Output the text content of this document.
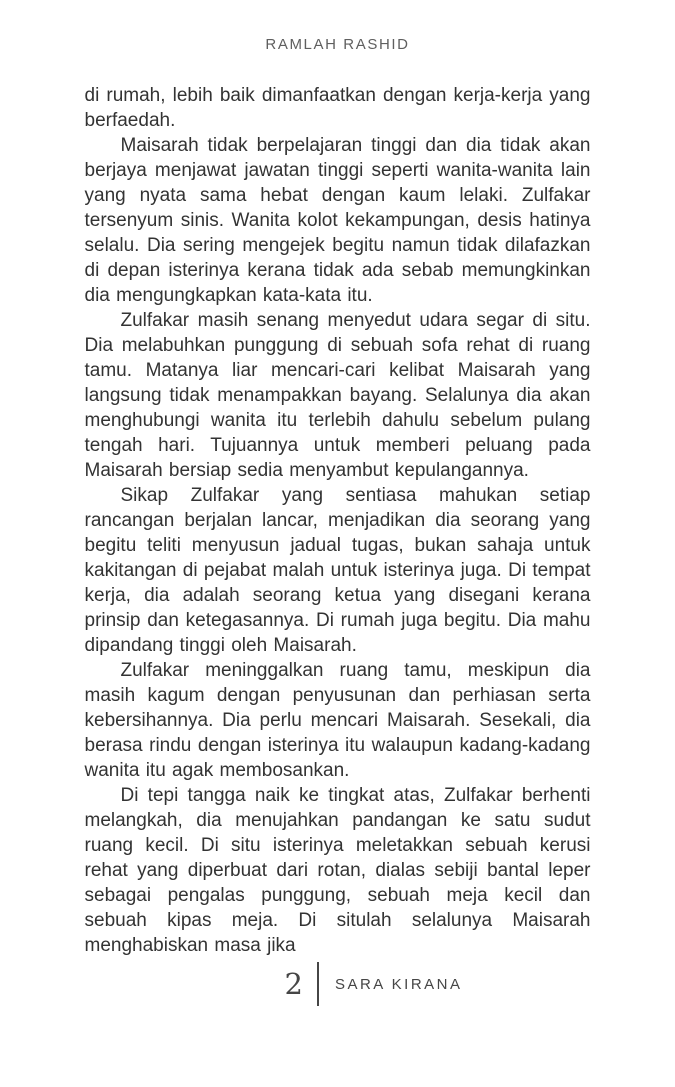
RAMLAH RASHID

di rumah, lebih baik dimanfaatkan dengan kerja-kerja yang berfaedah.

Maisarah tidak berpelajaran tinggi dan dia tidak akan berjaya menjawat jawatan tinggi seperti wanita-wanita lain yang nyata sama hebat dengan kaum lelaki. Zulfakar tersenyum sinis. Wanita kolot kekampungan, desis hatinya selalu. Dia sering mengejek begitu namun tidak dilafazkan di depan isterinya kerana tidak ada sebab memungkinkan dia mengungkapkan kata-kata itu.

Zulfakar masih senang menyedut udara segar di situ. Dia melabuhkan punggung di sebuah sofa rehat di ruang tamu. Matanya liar mencari-cari kelibat Maisarah yang langsung tidak menampakkan bayang. Selalunya dia akan menghubungi wanita itu terlebih dahulu sebelum pulang tengah hari. Tujuannya untuk memberi peluang pada Maisarah bersiap sedia menyambut kepulangannya.

Sikap Zulfakar yang sentiasa mahukan setiap rancangan berjalan lancar, menjadikan dia seorang yang begitu teliti menyusun jadual tugas, bukan sahaja untuk kakitangan di pejabat malah untuk isterinya juga. Di tempat kerja, dia adalah seorang ketua yang disegani kerana prinsip dan ketegasannya. Di rumah juga begitu. Dia mahu dipandang tinggi oleh Maisarah.

Zulfakar meninggalkan ruang tamu, meskipun dia masih kagum dengan penyusunan dan perhiasan serta kebersihannya. Dia perlu mencari Maisarah. Sesekali, dia berasa rindu dengan isterinya itu walaupun kadang-kadang wanita itu agak membosankan.

Di tepi tangga naik ke tingkat atas, Zulfakar berhenti melangkah, dia menujahkan pandangan ke satu sudut ruang kecil. Di situ isterinya meletakkan sebuah kerusi rehat yang diperbuat dari rotan, dialas sebiji bantal leper sebagai pengalas punggung, sebuah meja kecil dan sebuah kipas meja. Di situlah selalunya Maisarah menghabiskan masa jika

2 SARA KIRANA
